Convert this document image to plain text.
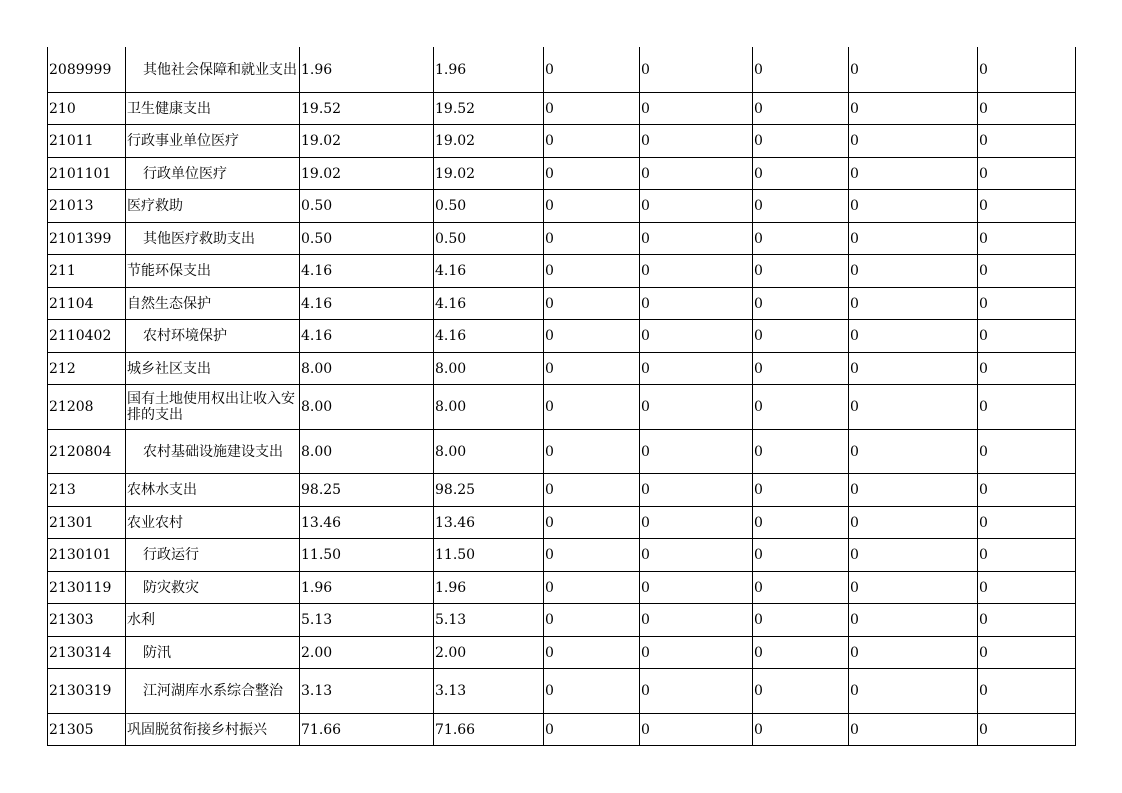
2089999	其他社会保障和就业支出	1.96	1.96	0	0	0	0	0
210	卫生健康支出	19.52	19.52	0	0	0	0	0
21011	行政事业单位医疗	19.02	19.02	0	0	0	0	0
2101101	行政单位医疗	19.02	19.02	0	0	0	0	0
21013	医疗救助	0.50	0.50	0	0	0	0	0
2101399	其他医疗救助支出	0.50	0.50	0	0	0	0	0
211	节能环保支出	4.16	4.16	0	0	0	0	0
21104	自然生态保护	4.16	4.16	0	0	0	0	0
2110402	农村环境保护	4.16	4.16	0	0	0	0	0
212	城乡社区支出	8.00	8.00	0	0	0	0	0
21208	国有土地使用权出让收入安排的支出	8.00	8.00	0	0	0	0	0
2120804	农村基础设施建设支出	8.00	8.00	0	0	0	0	0
213	农林水支出	98.25	98.25	0	0	0	0	0
21301	农业农村	13.46	13.46	0	0	0	0	0
2130101	行政运行	11.50	11.50	0	0	0	0	0
2130119	防灾救灾	1.96	1.96	0	0	0	0	0
21303	水利	5.13	5.13	0	0	0	0	0
2130314	防汛	2.00	2.00	0	0	0	0	0
2130319	江河湖库水系综合整治	3.13	3.13	0	0	0	0	0
21305	巩固脱贫衔接乡村振兴	71.66	71.66	0	0	0	0	0
